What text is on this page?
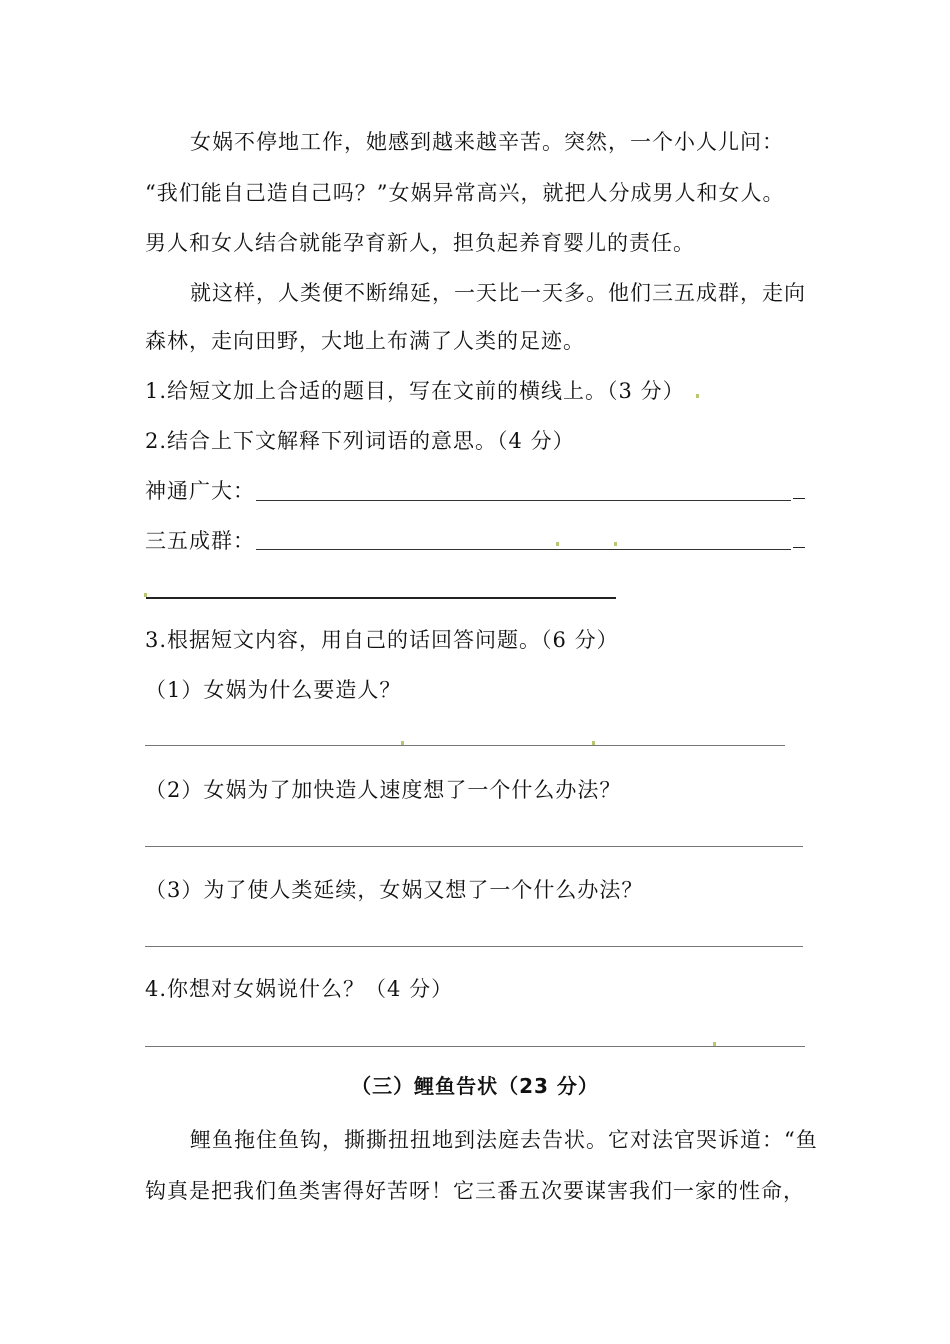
女娲不停地工作，她感到越来越辛苦。突然，一个小人儿问：
“我们能自己造自己吗？”女娲异常高兴，就把人分成男人和女人。
男人和女人结合就能孕育新人，担负起养育婴儿的责任。
就这样，人类便不断绵延，一天比一天多。他们三五成群，走向
森林，走向田野，大地上布满了人类的足迹。
1.给短文加上合适的题目，写在文前的横线上。（3 分）
2.结合上下文解释下列词语的意思。（4 分）
神通广大：
三五成群：
3.根据短文内容，用自己的话回答问题。（6 分）
（1）女娲为什么要造人？
（2）女娲为了加快造人速度想了一个什么办法？
（3）为了使人类延续，女娲又想了一个什么办法？
4.你想对女娲说什么？（4 分）
（三）鲤鱼告状（23 分）
鲤鱼拖住鱼钩，撕撕扭扭地到法庭去告状。它对法官哭诉道：“鱼
钩真是把我们鱼类害得好苦呀！它三番五次要谋害我们一家的性命，
